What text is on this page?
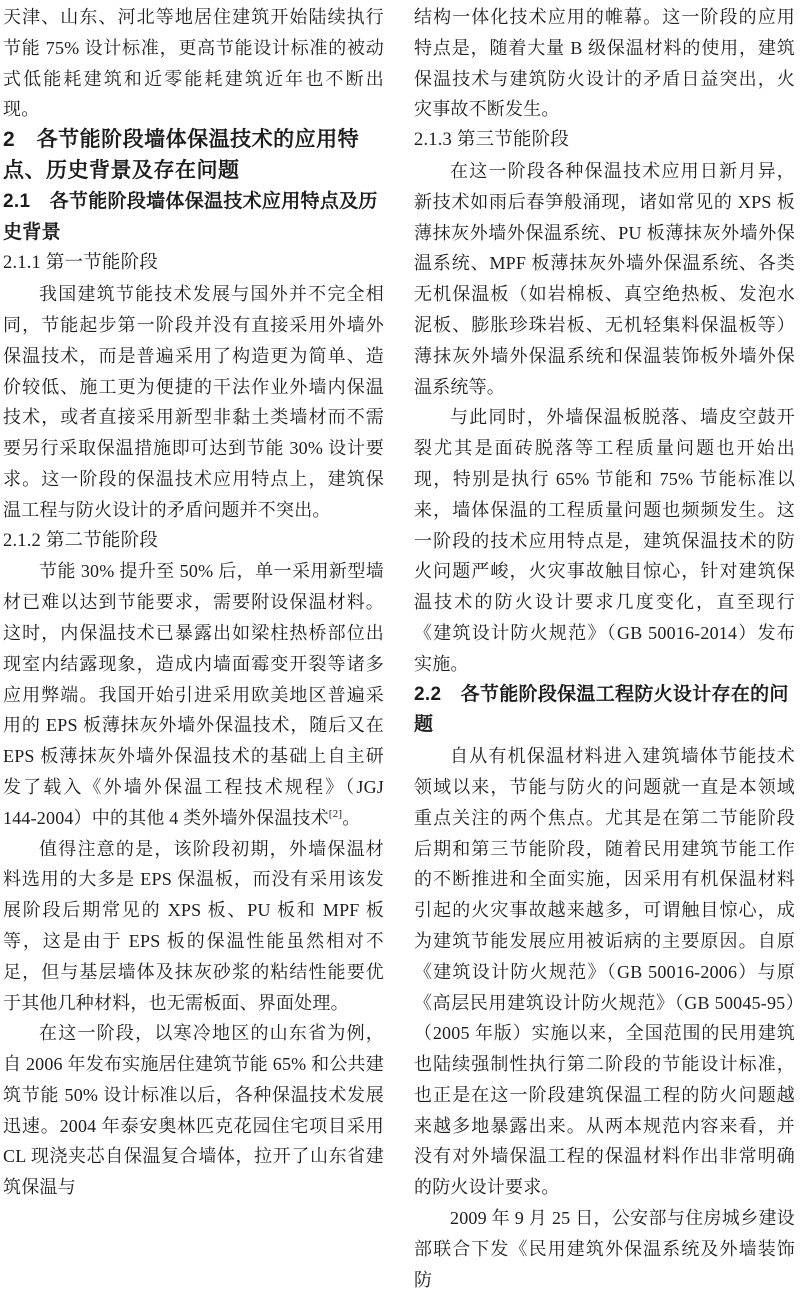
天津、山东、河北等地居住建筑开始陆续执行节能 75% 设计标准，更高节能设计标准的被动式低能耗建筑和近零能耗建筑近年也不断出现。
2　各节能阶段墙体保温技术的应用特点、历史背景及存在问题
2.1　各节能阶段墙体保温技术应用特点及历史背景
2.1.1 第一节能阶段
我国建筑节能技术发展与国外并不完全相同，节能起步第一阶段并没有直接采用外墙外保温技术，而是普遍采用了构造更为简单、造价较低、施工更为便捷的干法作业外墙内保温技术，或者直接采用新型非黏土类墙材而不需要另行采取保温措施即可达到节能 30% 设计要求。这一阶段的保温技术应用特点上，建筑保温工程与防火设计的矛盾问题并不突出。
2.1.2 第二节能阶段
节能 30% 提升至 50% 后，单一采用新型墙材已难以达到节能要求，需要附设保温材料。这时，内保温技术已暴露出如梁柱热桥部位出现室内结露现象，造成内墙面霉变开裂等诸多应用弊端。我国开始引进采用欧美地区普遍采用的 EPS 板薄抹灰外墙外保温技术，随后又在 EPS 板薄抹灰外墙外保温技术的基础上自主研发了载入《外墙外保温工程技术规程》（JGJ 144-2004）中的其他 4 类外墙外保温技术[2]。
值得注意的是，该阶段初期，外墙保温材料选用的大多是 EPS 保温板，而没有采用该发展阶段后期常见的 XPS 板、PU 板和 MPF 板等，这是由于 EPS 板的保温性能虽然相对不足，但与基层墙体及抹灰砂浆的粘结性能要优于其他几种材料，也无需板面、界面处理。
在这一阶段，以寒冷地区的山东省为例，自 2006 年发布实施居住建筑节能 65% 和公共建筑节能 50% 设计标准以后，各种保温技术发展迅速。2004 年泰安奥林匹克花园住宅项目采用 CL 现浇夹芯自保温复合墙体，拉开了山东省建筑保温与
结构一体化技术应用的帷幕。这一阶段的应用特点是，随着大量 B 级保温材料的使用，建筑保温技术与建筑防火设计的矛盾日益突出，火灾事故不断发生。
2.1.3 第三节能阶段
在这一阶段各种保温技术应用日新月异，新技术如雨后春笋般涌现，诸如常见的 XPS 板薄抹灰外墙外保温系统、PU 板薄抹灰外墙外保温系统、MPF 板薄抹灰外墙外保温系统、各类无机保温板（如岩棉板、真空绝热板、发泡水泥板、膨胀珍珠岩板、无机轻集料保温板等）薄抹灰外墙外保温系统和保温装饰板外墙外保温系统等。
与此同时，外墙保温板脱落、墙皮空鼓开裂尤其是面砖脱落等工程质量问题也开始出现，特别是执行 65% 节能和 75% 节能标准以来，墙体保温的工程质量问题也频频发生。这一阶段的技术应用特点是，建筑保温技术的防火问题严峻，火灾事故触目惊心，针对建筑保温技术的防火设计要求几度变化，直至现行《建筑设计防火规范》（GB 50016-2014）发布实施。
2.2　各节能阶段保温工程防火设计存在的问题
自从有机保温材料进入建筑墙体节能技术领域以来，节能与防火的问题就一直是本领域重点关注的两个焦点。尤其是在第二节能阶段后期和第三节能阶段，随着民用建筑节能工作的不断推进和全面实施，因采用有机保温材料引起的火灾事故越来越多，可谓触目惊心，成为建筑节能发展应用被诟病的主要原因。自原《建筑设计防火规范》（GB 50016-2006）与原《高层民用建筑设计防火规范》（GB 50045-95）（2005 年版）实施以来，全国范围的民用建筑也陆续强制性执行第二阶段的节能设计标准，也正是在这一阶段建筑保温工程的防火问题越来越多地暴露出来。从两本规范内容来看，并没有对外墙保温工程的保温材料作出非常明确的防火设计要求。
2009 年 9 月 25 日，公安部与住房城乡建设部联合下发《民用建筑外保温系统及外墙装饰防
